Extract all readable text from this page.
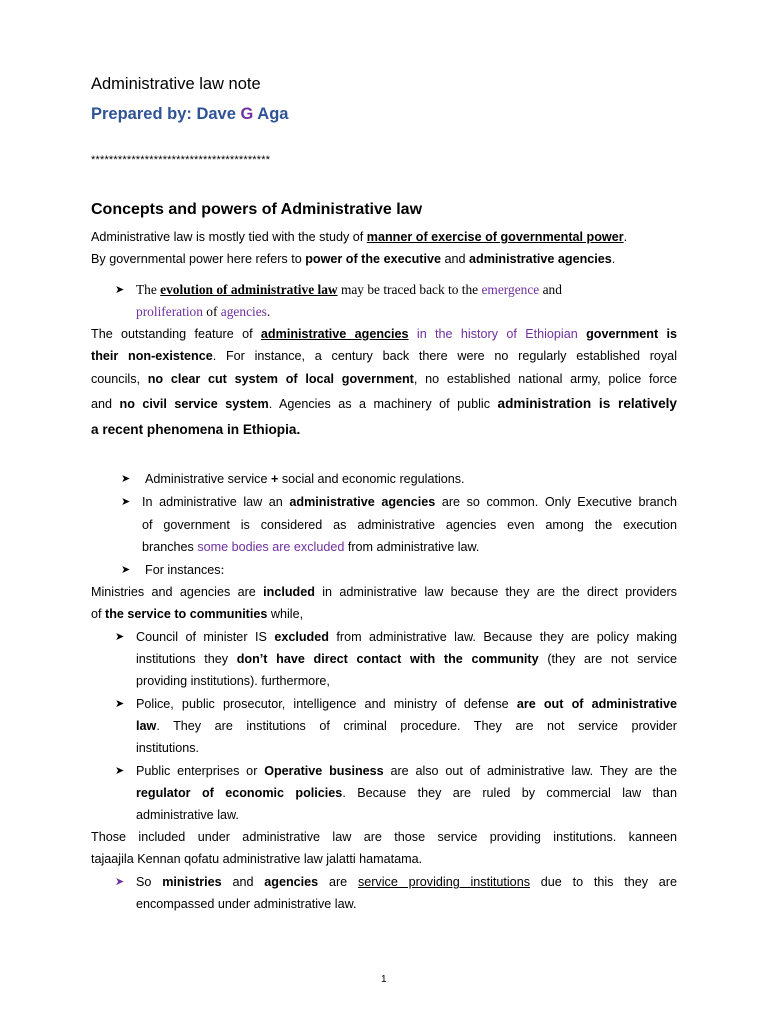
Administrative law note
Prepared by: Dave G Aga
****************************************
Concepts and powers of Administrative law
Administrative law is mostly tied with the study of manner of exercise of governmental power.
By governmental power here refers to power of the executive and administrative agencies.
➤ The evolution of administrative law may be traced back to the emergence and
proliferation of agencies.
The outstanding feature of administrative agencies in the history of Ethiopian government is
their non-existence. For instance, a century back there were no regularly established royal
councils, no clear cut system of local government, no established national army, police force
and no civil service system. Agencies as a machinery of public administration is relatively
a recent phenomena in Ethiopia.
➤	Administrative service + social and economic regulations.
➤ In administrative law an administrative agencies are so common. Only Executive branch
of government is considered as administrative agencies even among the execution
branches some bodies are excluded from administrative law.
➤	For instances:
Ministries and agencies are included in administrative law because they are the direct providers
of the service to communities while,
➤ Council of minister IS excluded from administrative law. Because they are policy making
institutions they don’t have direct contact with the community (they are not service
providing institutions). furthermore,
➤ Police, public prosecutor, intelligence and ministry of defense are out of administrative
law. They are institutions of criminal procedure. They are not service provider
institutions.
➤ Public enterprises or Operative business are also out of administrative law. They are the
regulator of economic policies. Because they are ruled by commercial law than
administrative law.
Those included under administrative law are those service providing institutions. kanneen
tajaajila Kennan qofatu administrative law jalatti hamatama.
➤ So ministries and agencies are service providing institutions due to this they are
encompassed under administrative law.
1
